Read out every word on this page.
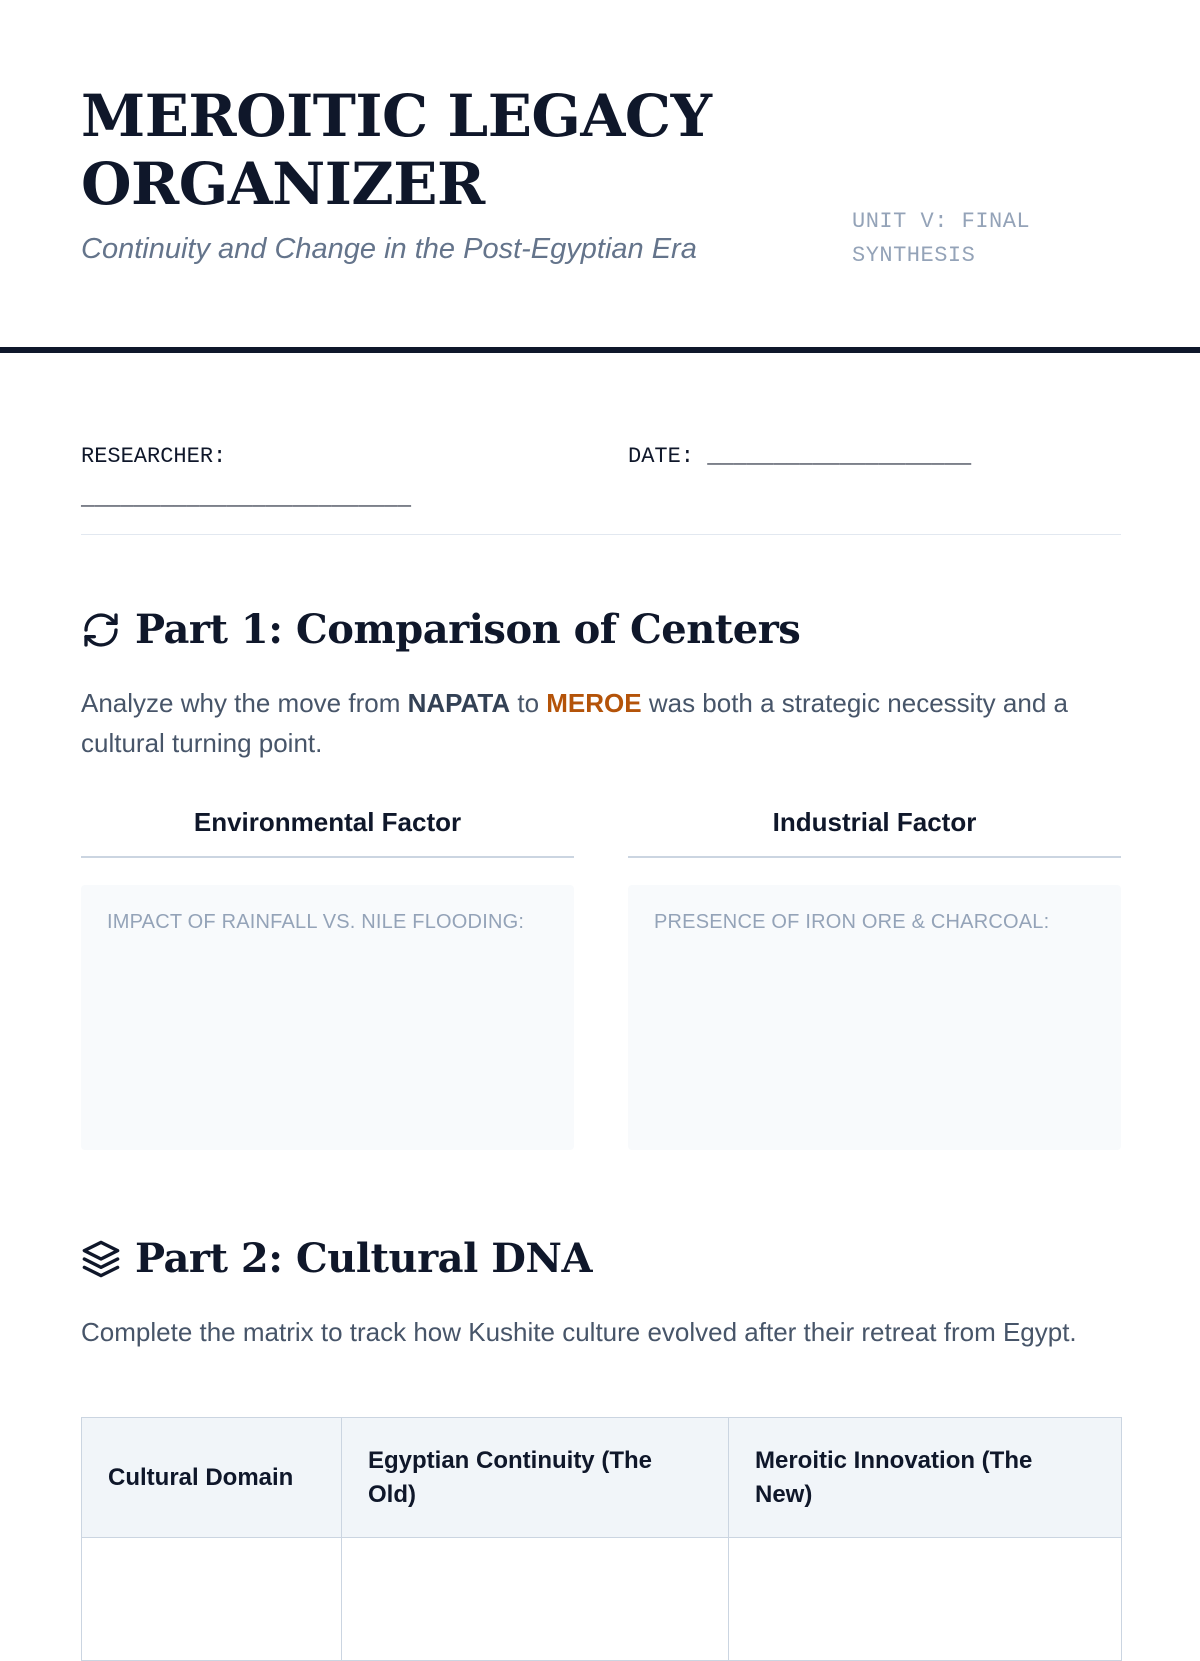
MEROITIC LEGACY
ORGANIZER

Continuity and Change in the Post-Egyptian Era

UNIT V: FINAL
SYNTHESIS
RESEARCHER:
_________________________
DATE: ____________________
Part 1: Comparison of Centers

Analyze why the move from NAPATA to MEROE was both a strategic necessity and a cultural turning point.

Environmental Factor	Industrial Factor
IMPACT OF RAINFALL VS. NILE FLOODING:	PRESENCE OF IRON ORE & CHARCOAL:
Part 2: Cultural DNA

Complete the matrix to track how Kushite culture evolved after their retreat from Egypt.

Cultural Domain	Egyptian Continuity (The Old)	Meroitic Innovation (The New)
